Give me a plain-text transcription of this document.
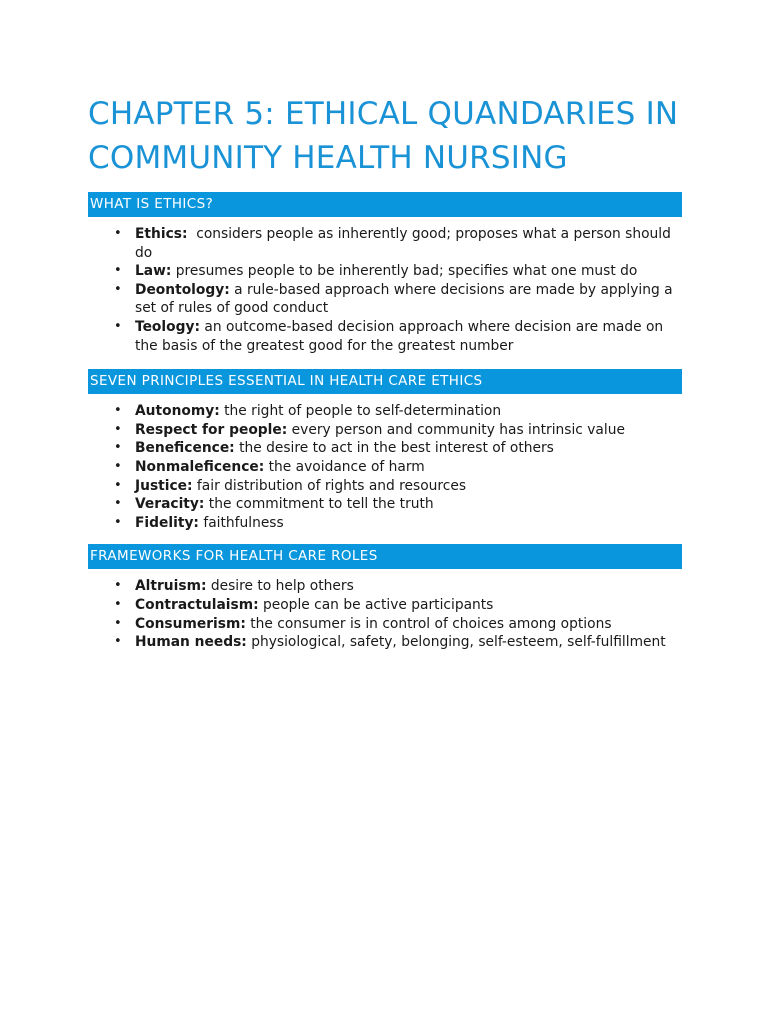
CHAPTER 5: ETHICAL QUANDARIES IN COMMUNITY HEALTH NURSING
WHAT IS ETHICS?
• Ethics:  considers people as inherently good; proposes what a person should do
• Law: presumes people to be inherently bad; specifies what one must do
• Deontology: a rule-based approach where decisions are made by applying a set of rules of good conduct
• Teology: an outcome-based decision approach where decision are made on the basis of the greatest good for the greatest number
SEVEN PRINCIPLES ESSENTIAL IN HEALTH CARE ETHICS
• Autonomy: the right of people to self-determination
• Respect for people: every person and community has intrinsic value
• Beneficence: the desire to act in the best interest of others
• Nonmaleficence: the avoidance of harm
• Justice: fair distribution of rights and resources
• Veracity: the commitment to tell the truth
• Fidelity: faithfulness
FRAMEWORKS FOR HEALTH CARE ROLES
• Altruism: desire to help others
• Contractulaism: people can be active participants
• Consumerism: the consumer is in control of choices among options
• Human needs: physiological, safety, belonging, self-esteem, self-fulfillment
